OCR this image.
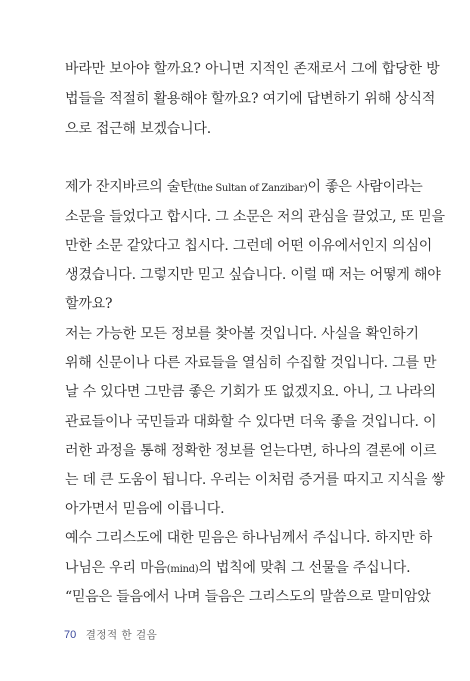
바라만 보아야 할까요? 아니면 지적인 존재로서 그에 합당한 방
법들을 적절히 활용해야 할까요? 여기에 답변하기 위해 상식적
으로 접근해 보겠습니다.
제가 잔지바르의 술탄(the Sultan of Zanzibar)이 좋은 사람이라는
소문을 들었다고 합시다. 그 소문은 저의 관심을 끌었고, 또 믿을
만한 소문 같았다고 칩시다. 그런데 어떤 이유에서인지 의심이
생겼습니다. 그렇지만 믿고 싶습니다. 이럴 때 저는 어떻게 해야
할까요?
저는 가능한 모든 정보를 찾아볼 것입니다. 사실을 확인하기
위해 신문이나 다른 자료들을 열심히 수집할 것입니다. 그를 만
날 수 있다면 그만큼 좋은 기회가 또 없겠지요. 아니, 그 나라의
관료들이나 국민들과 대화할 수 있다면 더욱 좋을 것입니다. 이
러한 과정을 통해 정확한 정보를 얻는다면, 하나의 결론에 이르
는 데 큰 도움이 됩니다. 우리는 이처럼 증거를 따지고 지식을 쌓
아가면서 믿음에 이릅니다.
예수 그리스도에 대한 믿음은 하나님께서 주십니다. 하지만 하
나님은 우리 마음(mind)의 법칙에 맞춰 그 선물을 주십니다.
“믿음은 들음에서 나며 들음은 그리스도의 말씀으로 말미암았
70 결정적 한 걸음
